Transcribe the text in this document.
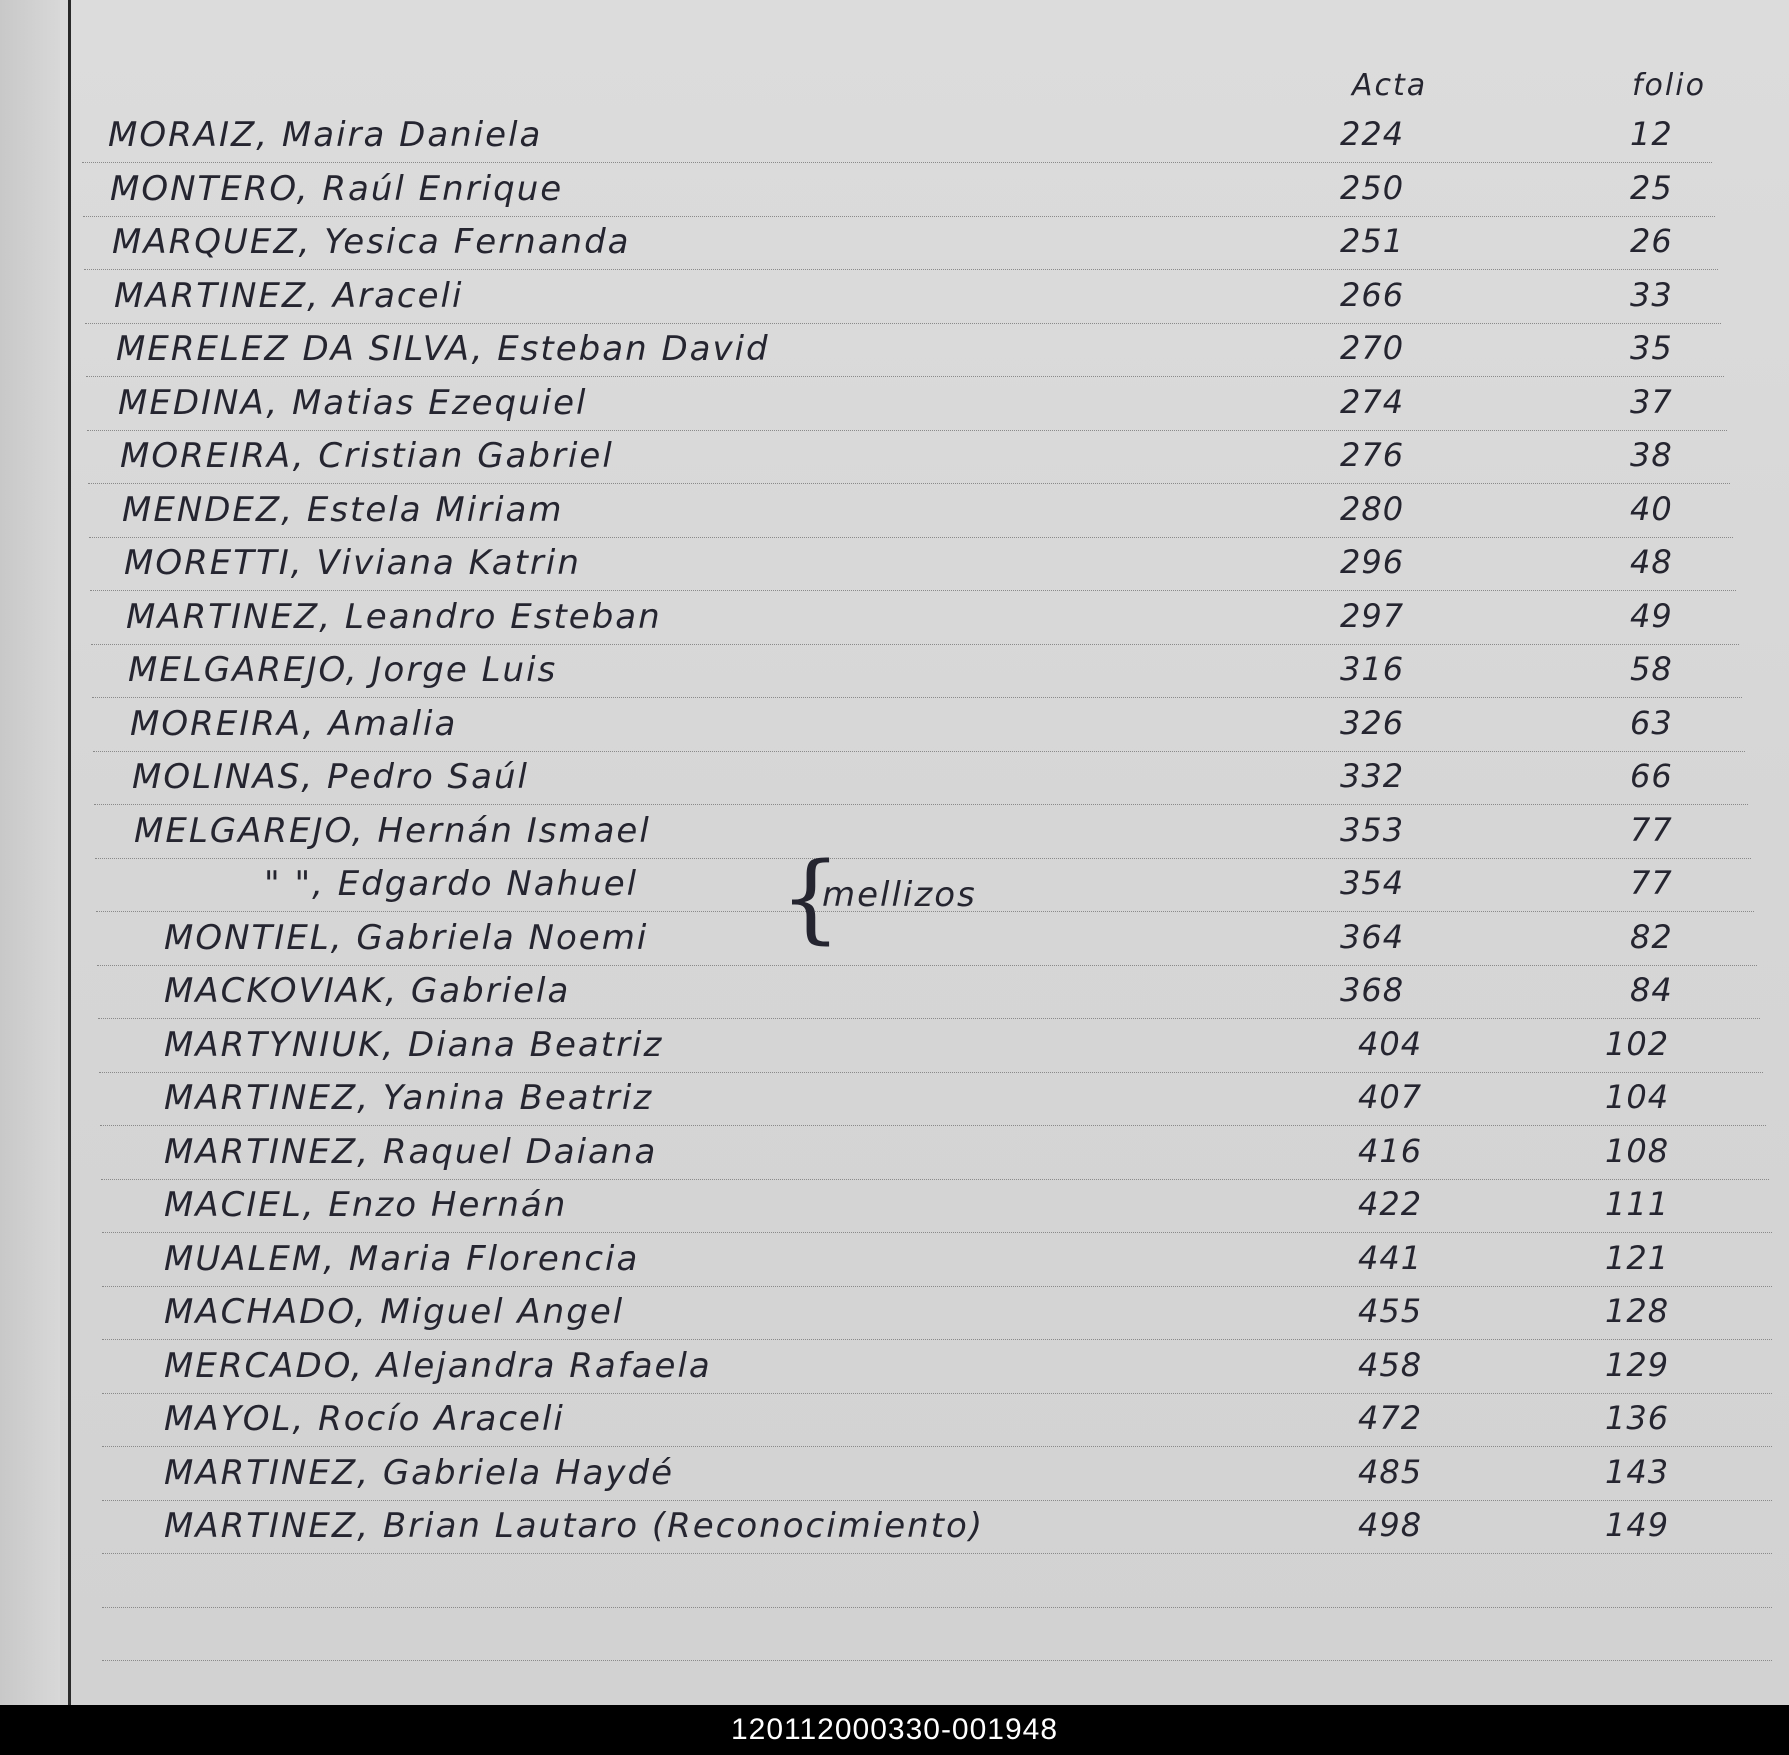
Acta	folio
MORAIZ, Maira Daniela	224	12
MONTERO, Raúl Enrique	250	25
MARQUEZ, Yesica Fernanda	251	26
MARTINEZ, Araceli	266	33
MERELEZ DA SILVA, Esteban David	270	35
MEDINA, Matias Ezequiel	274	37
MOREIRA, Cristian Gabriel	276	38
MENDEZ, Estela Miriam	280	40
MORETTI, Viviana Katrin	296	48
MARTINEZ, Leandro Esteban	297	49
MELGAREJO, Jorge Luis	316	58
MOREIRA, Amalia	326	63
MOLINAS, Pedro Saúl	332	66
MELGAREJO, Hernán Ismael	353	77
" ", Edgardo Nahuel	354	77
MONTIEL, Gabriela Noemi	364	82
MACKOVIAK, Gabriela	368	84
MARTYNIUK, Diana Beatriz	404	102
MARTINEZ, Yanina Beatriz	407	104
MARTINEZ, Raquel Daiana	416	108
MACIEL, Enzo Hernán	422	111
MUALEM, Maria Florencia	441	121
MACHADO, Miguel Angel	455	128
MERCADO, Alejandra Rafaela	458	129
MAYOL, Rocío Araceli	472	136
MARTINEZ, Gabriela Haydé	485	143
MARTINEZ, Brian Lautaro (Reconocimiento)	498	149
{
mellizos
120112000330-001948
